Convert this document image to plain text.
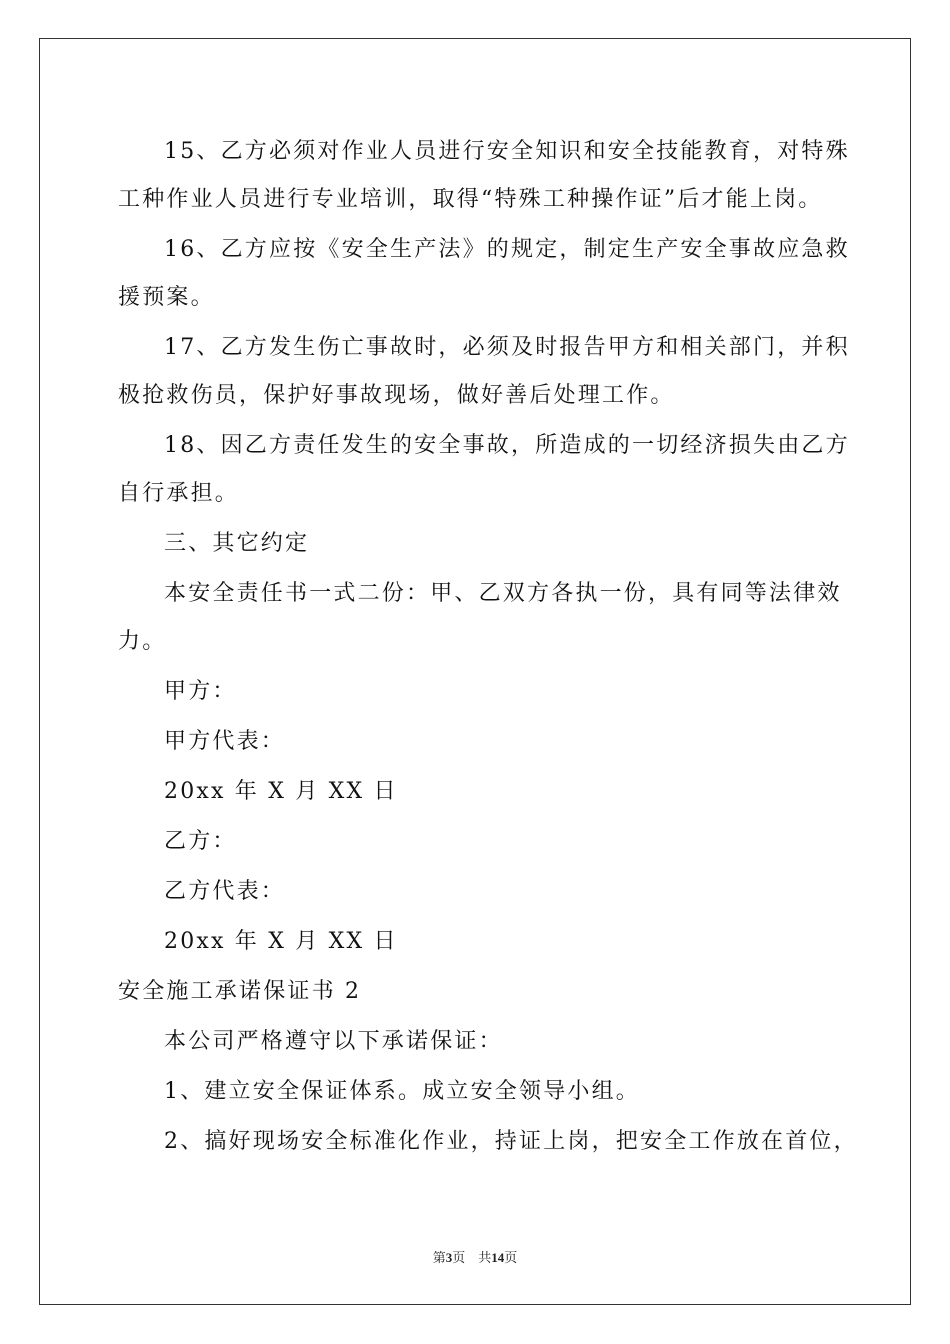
15、乙方必须对作业人员进行安全知识和安全技能教育，对特殊
工种作业人员进行专业培训，取得“特殊工种操作证”后才能上岗。
16、乙方应按《安全生产法》的规定，制定生产安全事故应急救
援预案。
17、乙方发生伤亡事故时，必须及时报告甲方和相关部门，并积
极抢救伤员，保护好事故现场，做好善后处理工作。
18、因乙方责任发生的安全事故，所造成的一切经济损失由乙方
自行承担。
三、其它约定
本安全责任书一式二份：甲、乙双方各执一份，具有同等法律效
力。
甲方：
甲方代表：
20xx 年 X 月 XX 日
乙方：
乙方代表：
20xx 年 X 月 XX 日
安全施工承诺保证书 2
本公司严格遵守以下承诺保证：
1、建立安全保证体系。成立安全领导小组。
2、搞好现场安全标准化作业，持证上岗，把安全工作放在首位，
第3页　共14页
